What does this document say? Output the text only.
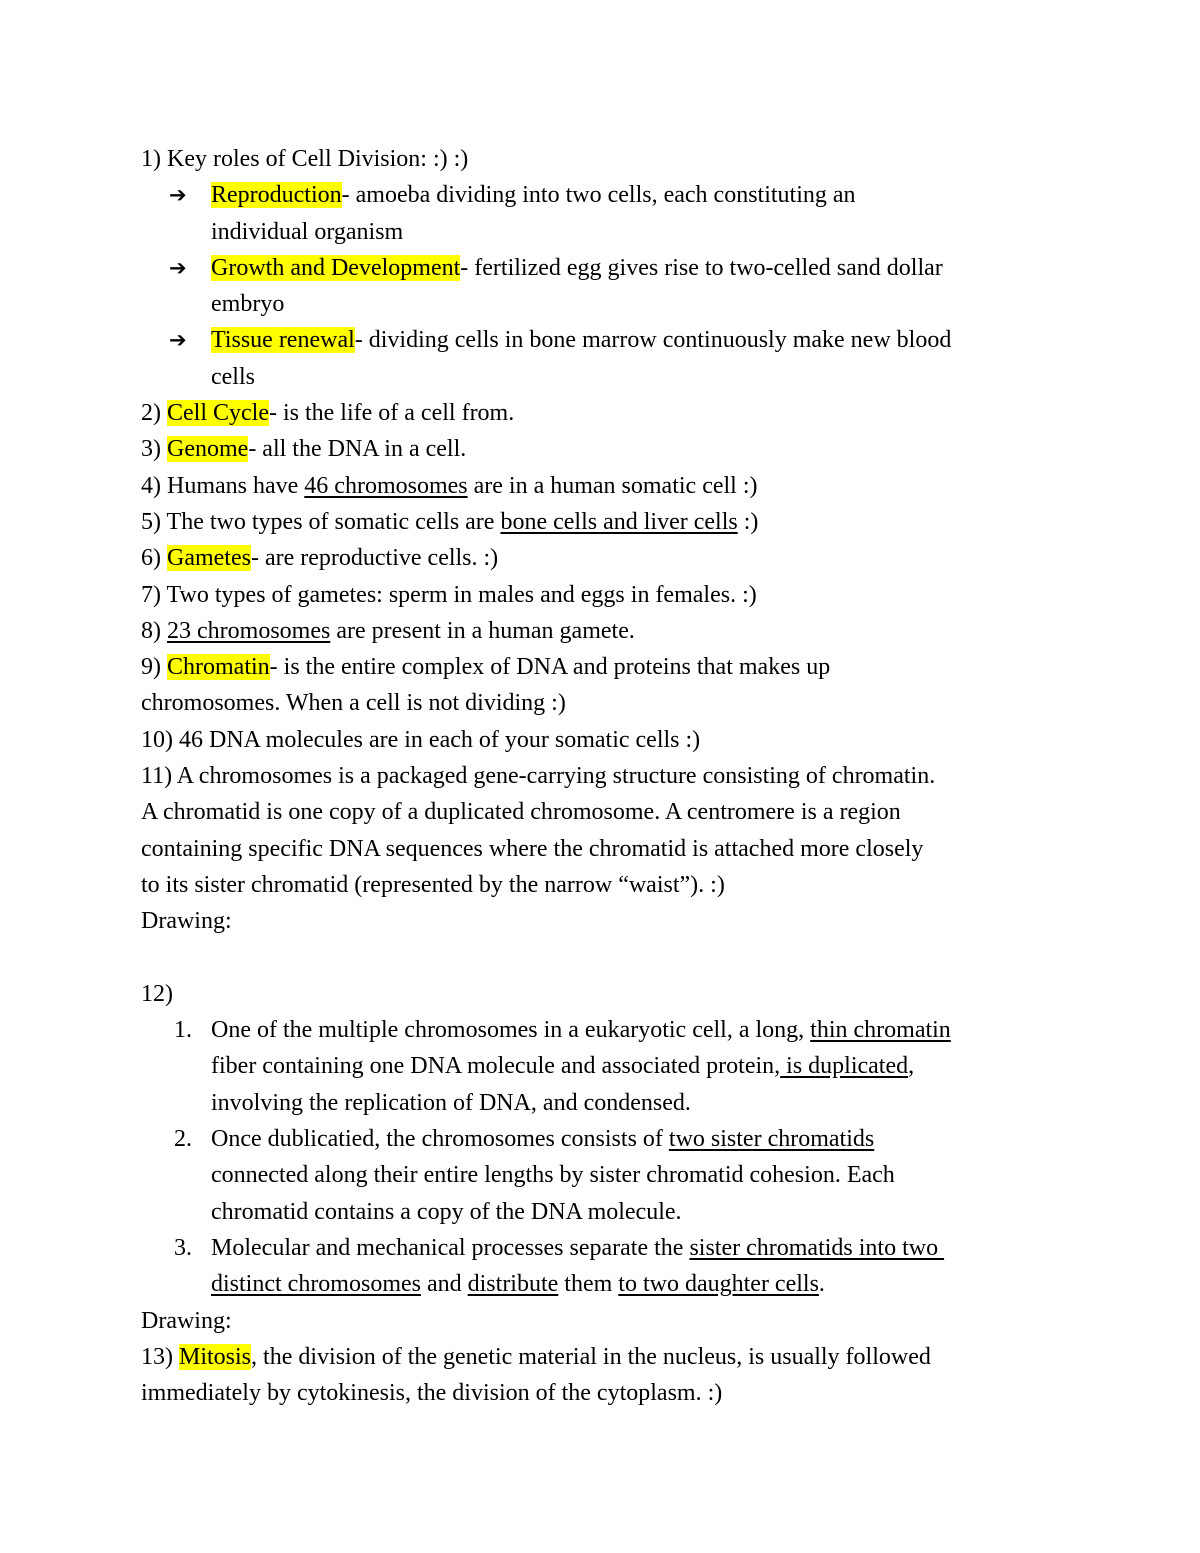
1) Key roles of Cell Division: :) :)
➔ Reproduction- amoeba dividing into two cells, each constituting an
individual organism
➔ Growth and Development- fertilized egg gives rise to two-celled sand dollar
embryo
➔ Tissue renewal- dividing cells in bone marrow continuously make new blood
cells
2) Cell Cycle- is the life of a cell from.
3) Genome- all the DNA in a cell.
4) Humans have 46 chromosomes are in a human somatic cell :)
5) The two types of somatic cells are bone cells and liver cells :)
6) Gametes- are reproductive cells. :)
7) Two types of gametes: sperm in males and eggs in females. :)
8) 23 chromosomes are present in a human gamete.
9) Chromatin- is the entire complex of DNA and proteins that makes up
chromosomes. When a cell is not dividing :)
10) 46 DNA molecules are in each of your somatic cells :)
11) A chromosomes is a packaged gene-carrying structure consisting of chromatin.
A chromatid is one copy of a duplicated chromosome. A centromere is a region
containing specific DNA sequences where the chromatid is attached more closely
to its sister chromatid (represented by the narrow “waist”). :)
Drawing:
12)
1. One of the multiple chromosomes in a eukaryotic cell, a long, thin chromatin
fiber containing one DNA molecule and associated protein, is duplicated,
involving the replication of DNA, and condensed.
2. Once dublicatied, the chromosomes consists of two sister chromatids
connected along their entire lengths by sister chromatid cohesion. Each
chromatid contains a copy of the DNA molecule.
3. Molecular and mechanical processes separate the sister chromatids into two
distinct chromosomes and distribute them to two daughter cells.
Drawing:
13) Mitosis, the division of the genetic material in the nucleus, is usually followed
immediately by cytokinesis, the division of the cytoplasm. :)
